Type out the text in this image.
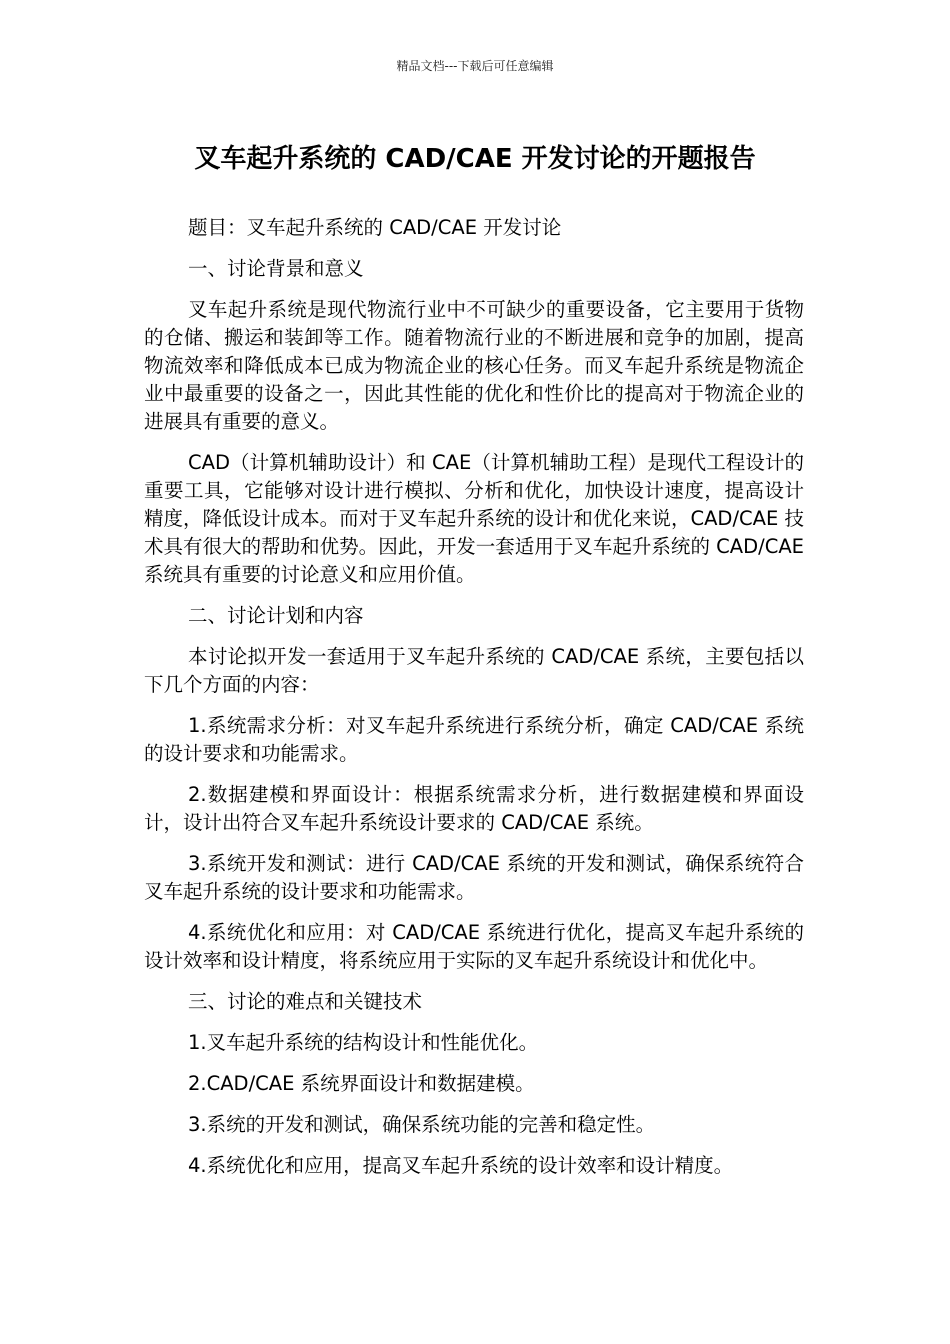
精品文档---下载后可任意编辑
叉车起升系统的 CAD/CAE 开发讨论的开题报告

题目：叉车起升系统的 CAD/CAE 开发讨论

一、讨论背景和意义

叉车起升系统是现代物流行业中不可缺少的重要设备，它主要用于货物的仓储、搬运和装卸等工作。随着物流行业的不断进展和竞争的加剧，提高物流效率和降低成本已成为物流企业的核心任务。而叉车起升系统是物流企业中最重要的设备之一，因此其性能的优化和性价比的提高对于物流企业的进展具有重要的意义。

CAD（计算机辅助设计）和 CAE（计算机辅助工程）是现代工程设计的重要工具，它能够对设计进行模拟、分析和优化，加快设计速度，提高设计精度，降低设计成本。而对于叉车起升系统的设计和优化来说，CAD/CAE 技术具有很大的帮助和优势。因此，开发一套适用于叉车起升系统的 CAD/CAE 系统具有重要的讨论意义和应用价值。

二、讨论计划和内容

本讨论拟开发一套适用于叉车起升系统的 CAD/CAE 系统，主要包括以下几个方面的内容：

1.系统需求分析：对叉车起升系统进行系统分析，确定 CAD/CAE 系统的设计要求和功能需求。

2.数据建模和界面设计：根据系统需求分析，进行数据建模和界面设计，设计出符合叉车起升系统设计要求的 CAD/CAE 系统。

3.系统开发和测试：进行 CAD/CAE 系统的开发和测试，确保系统符合叉车起升系统的设计要求和功能需求。

4.系统优化和应用：对 CAD/CAE 系统进行优化，提高叉车起升系统的设计效率和设计精度，将系统应用于实际的叉车起升系统设计和优化中。

三、讨论的难点和关键技术

1.叉车起升系统的结构设计和性能优化。

2.CAD/CAE 系统界面设计和数据建模。

3.系统的开发和测试，确保系统功能的完善和稳定性。

4.系统优化和应用，提高叉车起升系统的设计效率和设计精度。
